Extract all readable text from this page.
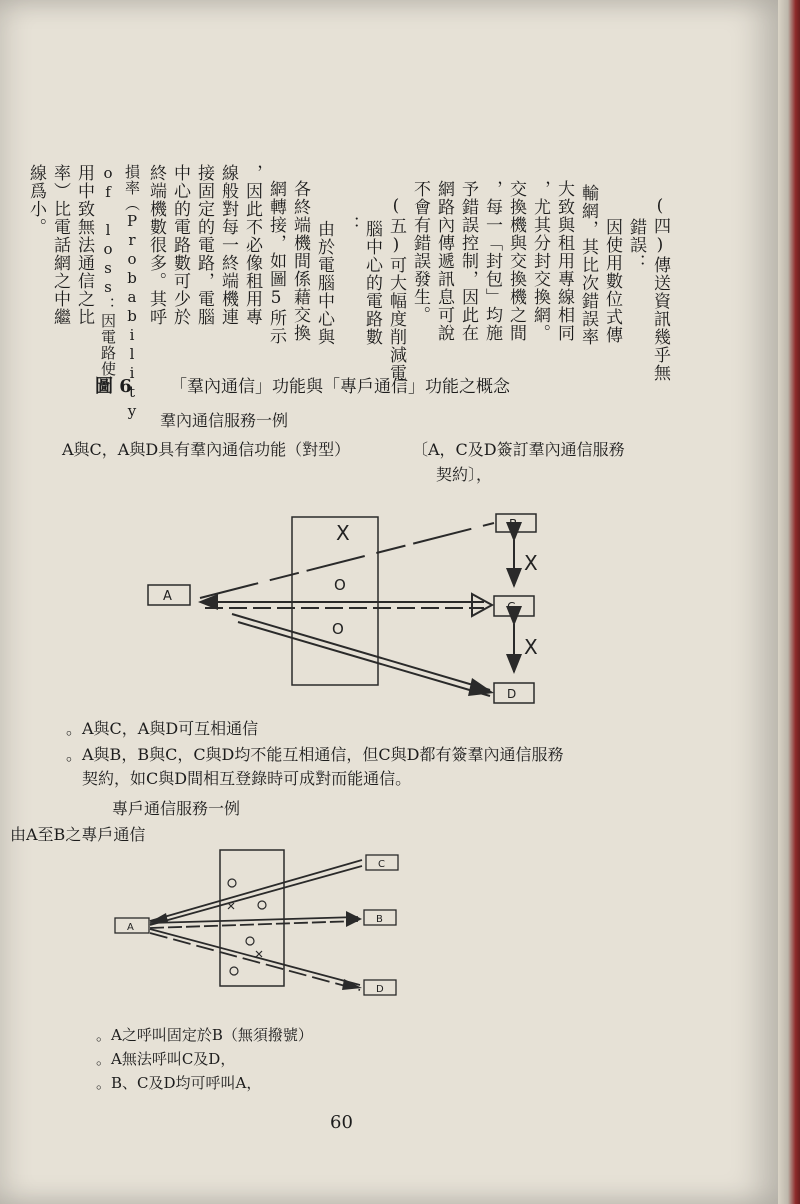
(四)傳送資訊幾乎無
錯誤：
因使用數位式傳
輸網，其比次錯誤率
大致與租用專線相同
，尤其分封交換網。
交換機與交換機之間
，每一「封包」均施
予錯誤控制，因此在
網路內傳遞訊息可說
不會有錯誤發生。
(五)可大幅度削減電
腦中心的電路數
：
由於電腦中心與
各終端機間係藉交換
網轉接，如圖5所示
，因此不必像租用專
線般對每一終端機連
接固定的電路，電腦
中心的電路數可少於
終端機數很多。其呼
損率（Probability
of loss：因電路使
用中致無法通信之比
率）比電話網之中繼
線爲小。
圖 6 「羣內通信」功能與「專戶通信」功能之概念
羣內通信服務一例
A與C，A與D具有羣內通信功能（對型）	〔A，C及D簽訂羣內通信服務
契約〕，
A
B
C
D
X
O
O
X
X
。A與C，A與D可互相通信
。A與B，B與C，C與D均不能互相通信，但C與D都有簽羣內通信服務
契約，如C與D間相互登錄時可成對而能通信。
專戶通信服務一例
由A至B之專戶通信
A
B
C
D
。A之呼叫固定於B（無須撥號）
。A無法呼叫C及D，
。B、C及D均可呼叫A，
60
